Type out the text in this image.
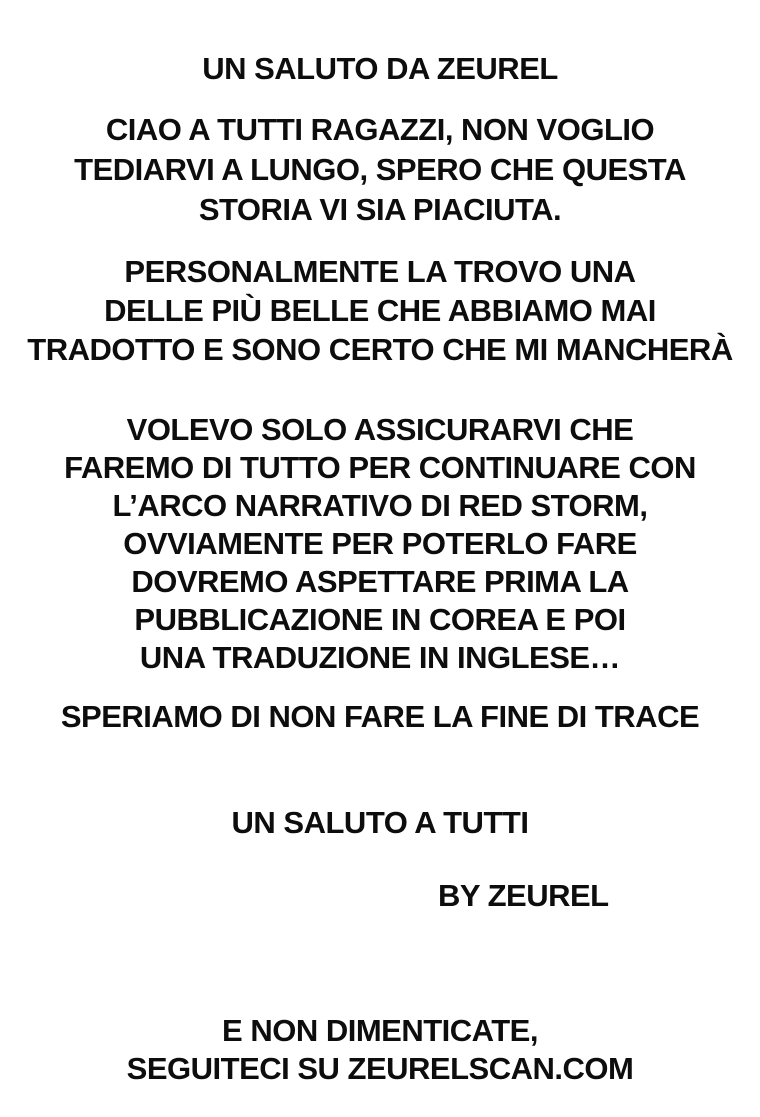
UN SALUTO DA ZEUREL
CIAO A TUTTI RAGAZZI, NON VOGLIO
TEDIARVI A LUNGO, SPERO CHE QUESTA
STORIA VI SIA PIACIUTA.
PERSONALMENTE LA TROVO UNA
DELLE PIÙ BELLE CHE ABBIAMO MAI
TRADOTTO E SONO CERTO CHE MI MANCHERÀ
VOLEVO SOLO ASSICURARVI CHE
FAREMO DI TUTTO PER CONTINUARE CON
L’ARCO NARRATIVO DI RED STORM,
OVVIAMENTE PER POTERLO FARE
DOVREMO ASPETTARE PRIMA LA
PUBBLICAZIONE IN COREA E POI
UNA TRADUZIONE IN INGLESE…
SPERIAMO DI NON FARE LA FINE DI TRACE
UN SALUTO A TUTTI
BY ZEUREL
E NON DIMENTICATE,
SEGUITECI SU ZEURELSCAN.COM
